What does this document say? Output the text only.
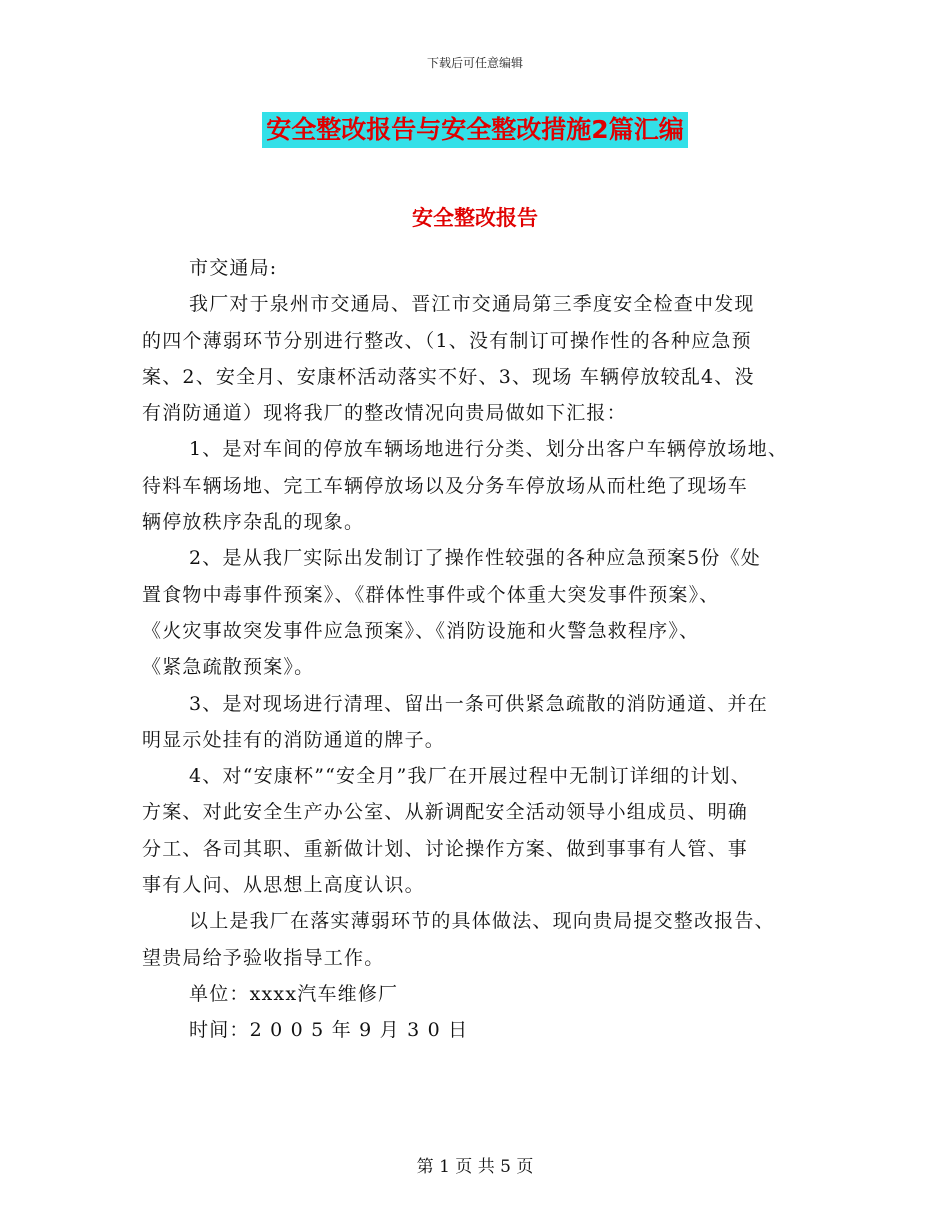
下载后可任意编辑
安全整改报告与安全整改措施2篇汇编
安全整改报告
市交通局:
我厂对于泉州市交通局、晋江市交通局第三季度安全检查中发现
的四个薄弱环节分别进行整改、（1、没有制订可操作性的各种应急预
案、2、安全月、安康杯活动落实不好、3、现场 车辆停放较乱4、没
有消防通道）现将我厂的整改情况向贵局做如下汇报：
1、是对车间的停放车辆场地进行分类、划分出客户车辆停放场地、
待料车辆场地、完工车辆停放场以及分务车停放场从而杜绝了现场车
辆停放秩序杂乱的现象。
2、是从我厂实际出发制订了操作性较强的各种应急预案5份《处
置食物中毒事件预案》、《群体性事件或个体重大突发事件预案》、
《火灾事故突发事件应急预案》、《消防设施和火警急救程序》、
《紧急疏散预案》。
3、是对现场进行清理、留出一条可供紧急疏散的消防通道、并在
明显示处挂有的消防通道的牌子。
4、对“安康杯”“安全月”我厂在开展过程中无制订详细的计划、
方案、对此安全生产办公室、从新调配安全活动领导小组成员、明确
分工、各司其职、重新做计划、讨论操作方案、做到事事有人管、事
事有人问、从思想上高度认识。
以上是我厂在落实薄弱环节的具体做法、现向贵局提交整改报告、
望贵局给予验收指导工作。
单位：xxxx汽车维修厂
时间：2 0 0 5 年 9 月 3 0 日
第 1 页 共 5 页
